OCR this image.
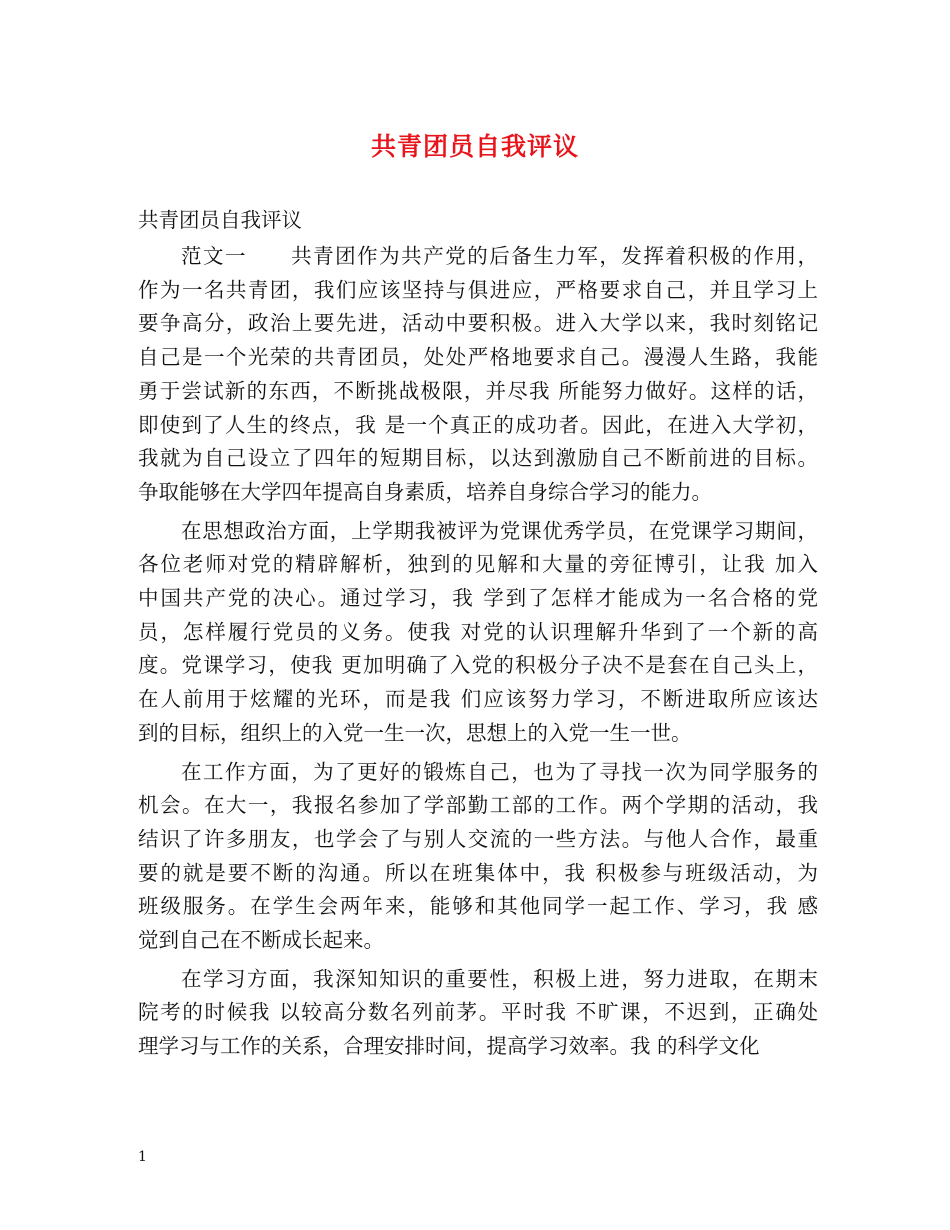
共青团员自我评议
共青团员自我评议
范文一　　共青团作为共产党的后备生力军，发挥着积极的作用，
作为一名共青团，我们应该坚持与俱进应，严格要求自己，并且学习上
要争高分，政治上要先进，活动中要积极。进入大学以来，我时刻铭记
自己是一个光荣的共青团员，处处严格地要求自己。漫漫人生路，我能
勇于尝试新的东西，不断挑战极限，并尽我 所能努力做好。这样的话，
即使到了人生的终点，我 是一个真正的成功者。因此，在进入大学初，
我就为自己设立了四年的短期目标，以达到激励自己不断前进的目标。
争取能够在大学四年提高自身素质，培养自身综合学习的能力。
在思想政治方面，上学期我被评为党课优秀学员，在党课学习期间，
各位老师对党的精辟解析，独到的见解和大量的旁征博引，让我 加入
中国共产党的决心。通过学习，我 学到了怎样才能成为一名合格的党
员，怎样履行党员的义务。使我 对党的认识理解升华到了一个新的高
度。党课学习，使我 更加明确了入党的积极分子决不是套在自己头上，
在人前用于炫耀的光环，而是我 们应该努力学习，不断进取所应该达
到的目标，组织上的入党一生一次，思想上的入党一生一世。
在工作方面，为了更好的锻炼自己，也为了寻找一次为同学服务的
机会。在大一，我报名参加了学部勤工部的工作。两个学期的活动，我
结识了许多朋友，也学会了与别人交流的一些方法。与他人合作，最重
要的就是要不断的沟通。所以在班集体中，我 积极参与班级活动，为
班级服务。在学生会两年来，能够和其他同学一起工作、学习，我 感
觉到自己在不断成长起来。
在学习方面，我深知知识的重要性，积极上进，努力进取，在期末
院考的时候我 以较高分数名列前茅。平时我 不旷课，不迟到，正确处
理学习与工作的关系，合理安排时间，提高学习效率。我 的科学文化
1
